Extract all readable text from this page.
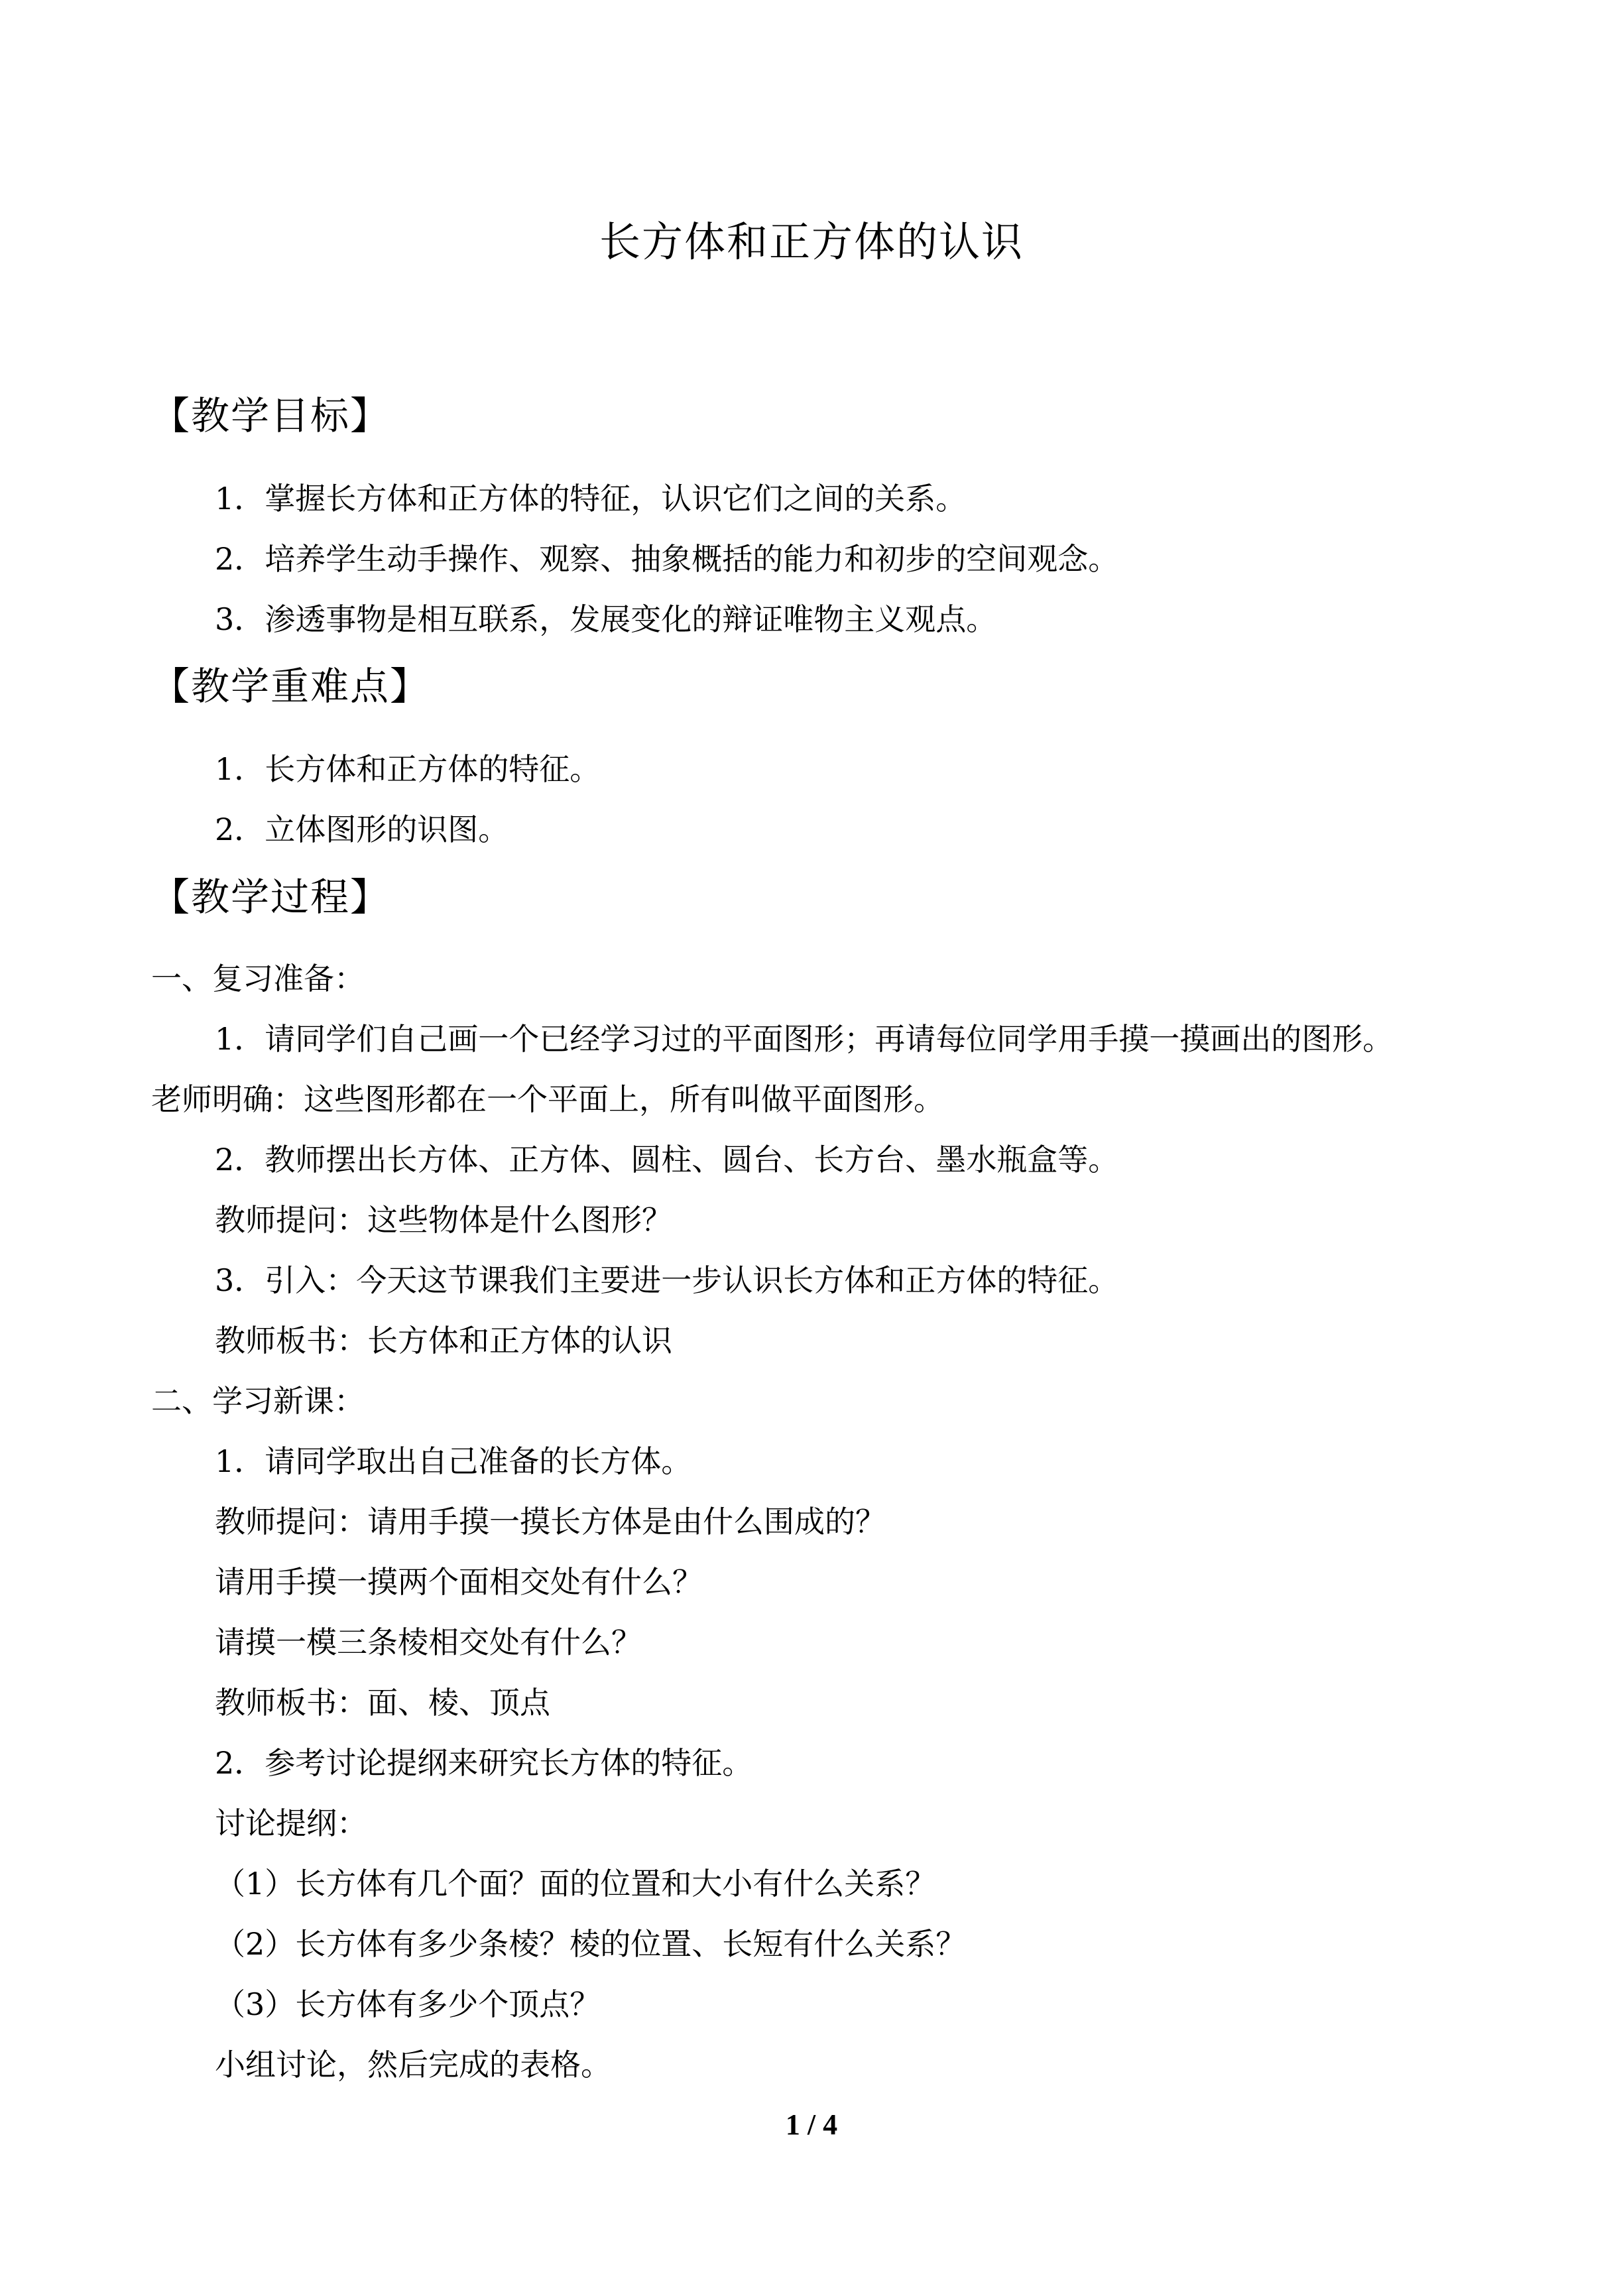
长方体和正方体的认识
【教学目标】
1．掌握长方体和正方体的特征，认识它们之间的关系。
2．培养学生动手操作、观察、抽象概括的能力和初步的空间观念。
3．渗透事物是相互联系，发展变化的辩证唯物主义观点。
【教学重难点】
1．长方体和正方体的特征。
2．立体图形的识图。
【教学过程】
一、复习准备：
1．请同学们自己画一个已经学习过的平面图形；再请每位同学用手摸一摸画出的图形。
老师明确：这些图形都在一个平面上，所有叫做平面图形。
2．教师摆出长方体、正方体、圆柱、圆台、长方台、墨水瓶盒等。
教师提问：这些物体是什么图形？
3．引入：今天这节课我们主要进一步认识长方体和正方体的特征。
教师板书：长方体和正方体的认识
二、学习新课：
1．请同学取出自己准备的长方体。
教师提问：请用手摸一摸长方体是由什么围成的？
请用手摸一摸两个面相交处有什么？
请摸一模三条棱相交处有什么？
教师板书：面、棱、顶点
2．参考讨论提纲来研究长方体的特征。
讨论提纲：
（1）长方体有几个面？面的位置和大小有什么关系？
（2）长方体有多少条棱？棱的位置、长短有什么关系？
（3）长方体有多少个顶点？
小组讨论，然后完成的表格。
1 / 4
